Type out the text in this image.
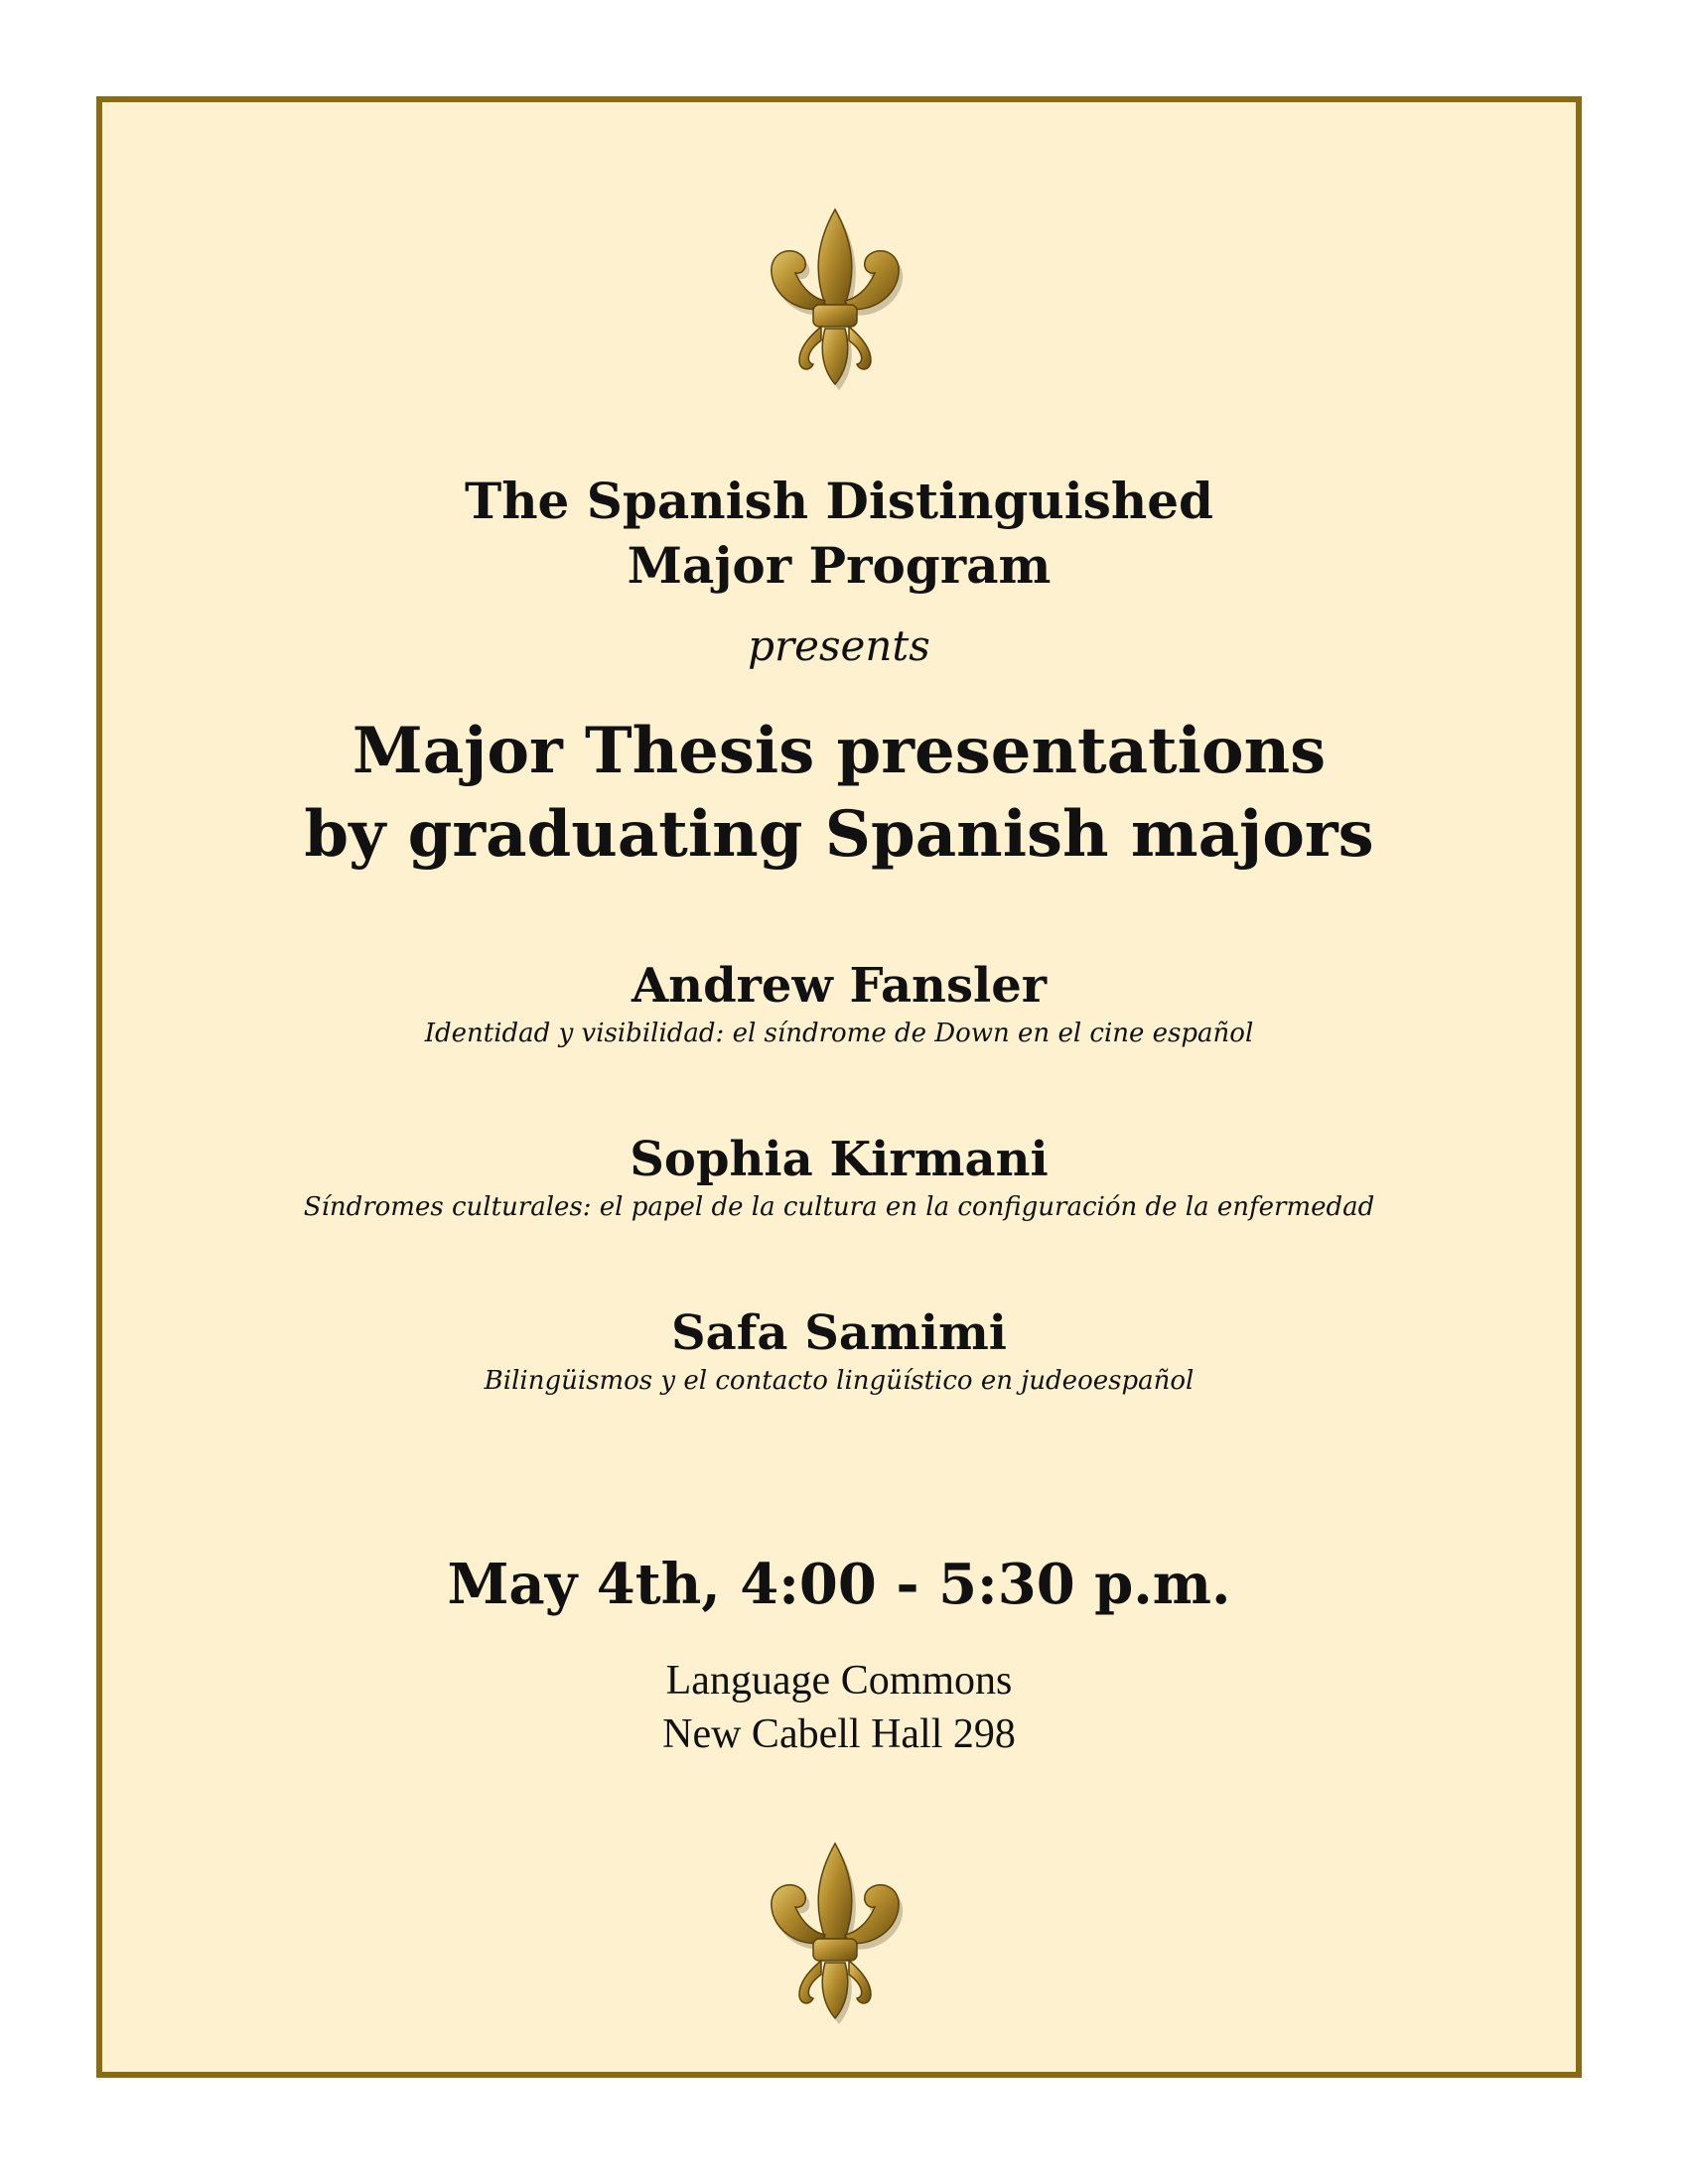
The Spanish Distinguished
Major Program
presents
Major Thesis presentations
by graduating Spanish majors
Andrew Fansler
Identidad y visibilidad: el síndrome de Down en el cine español
Sophia Kirmani
Síndromes culturales: el papel de la cultura en la configuración de la enfermedad
Safa Samimi
Bilingüismos y el contacto lingüístico en judeoespañol
May 4th, 4:00 - 5:30 p.m.
Language Commons
New Cabell Hall 298
